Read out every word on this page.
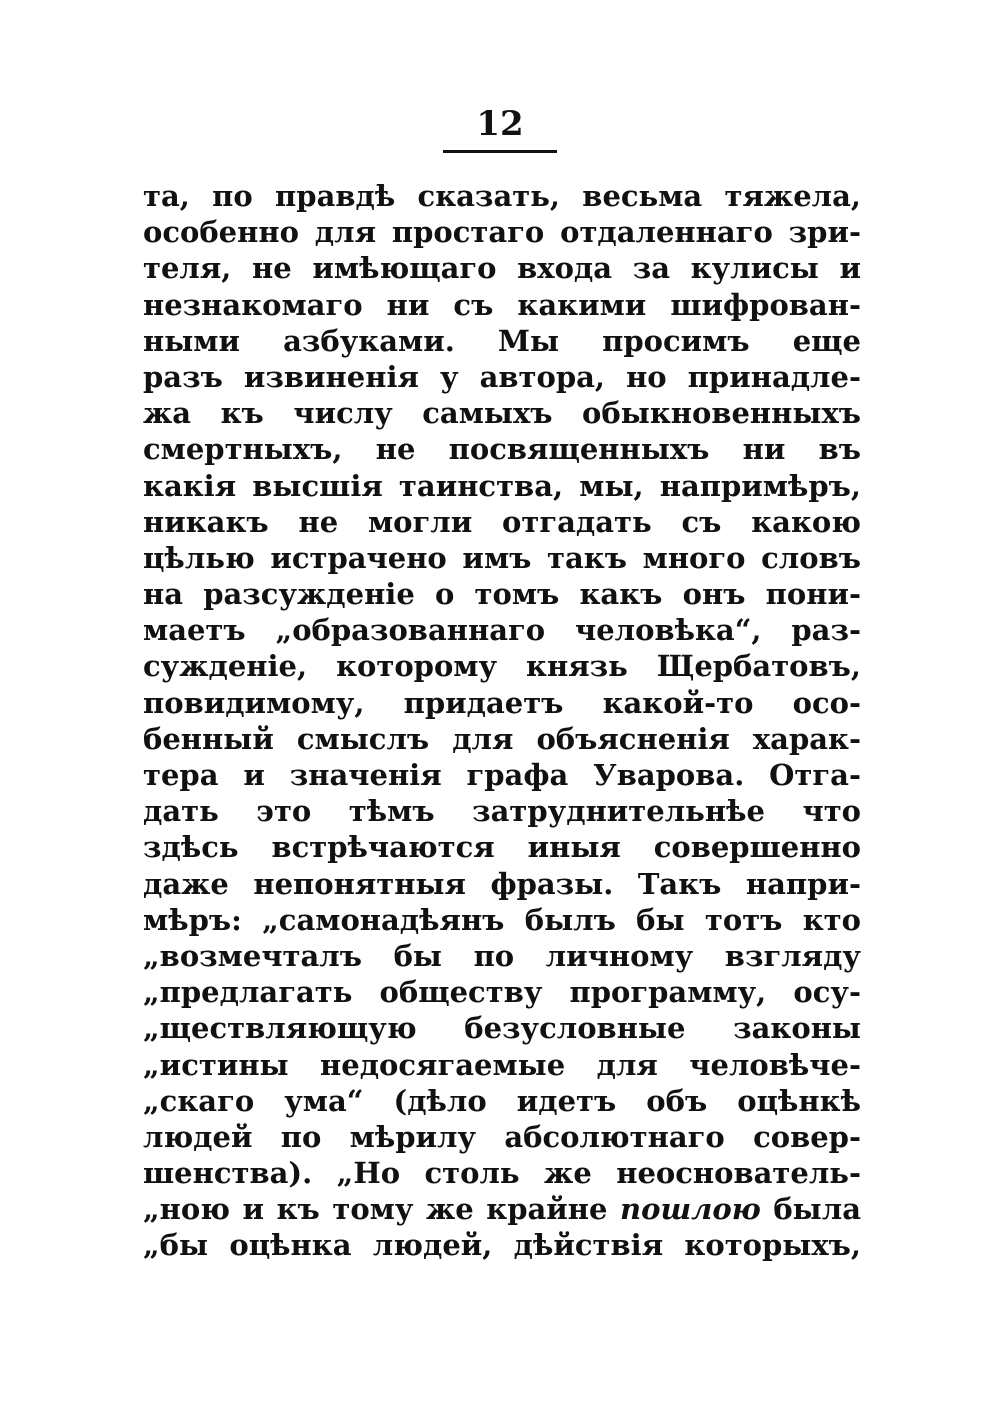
12
та, по правдѣ сказать, весьма тяжела,
особенно для простаго отдаленнаго зри-
теля, не имѣющаго входа за кулисы и
незнакомаго ни съ какими шифрован-
ными азбуками. Мы просимъ еще
разъ извиненія у автора, но принадле-
жа къ числу самыхъ обыкновенныхъ
смертныхъ, не посвященныхъ ни въ
какія высшія таинства, мы, напримѣръ,
никакъ не могли отгадать съ какою
цѣлью истрачено имъ такъ много словъ
на разсужденіе о томъ какъ онъ пони-
маетъ „образованнаго человѣка“, раз-
сужденіе, которому князь Щербатовъ,
повидимому, придаетъ какой-то осо-
бенный смыслъ для объясненія харак-
тера и значенія графа Уварова. Отга-
дать это тѣмъ затруднительнѣе что
здѣсь встрѣчаются иныя совершенно
даже непонятныя фразы. Такъ напри-
мѣръ: „самонадѣянъ былъ бы тотъ кто
„возмечталъ бы по личному взгляду
„предлагать обществу программу, осу-
„ществляющую безусловные законы
„истины недосягаемые для человѣче-
„скаго ума“ (дѣло идетъ объ оцѣнкѣ
людей по мѣрилу абсолютнаго совер-
шенства). „Но столь же неоснователь-
„ною и къ тому же крайне пошлою была
„бы оцѣнка людей, дѣйствія которыхъ,
